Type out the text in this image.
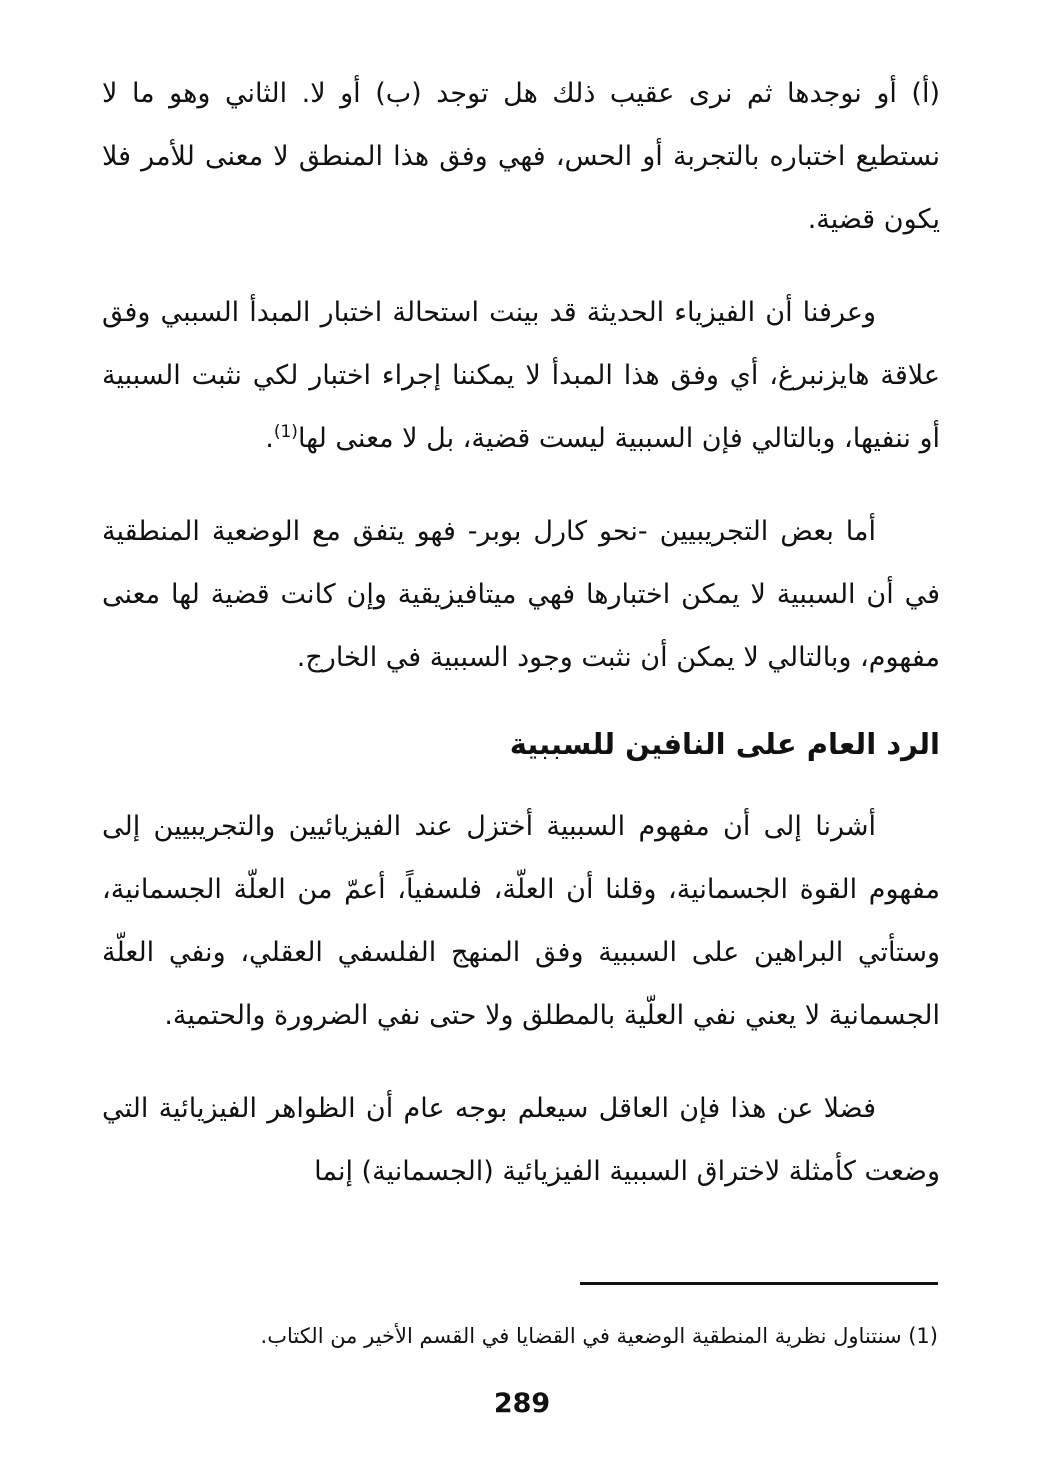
(أ) أو نوجدها ثم نرى عقيب ذلك هل توجد (ب) أو لا. الثاني وهو ما لا نستطيع اختباره بالتجربة أو الحس، فهي وفق هذا المنطق لا معنى للأمر فلا يكون قضية.

وعرفنا أن الفيزياء الحديثة قد بينت استحالة اختبار المبدأ السببي وفق علاقة هايزنبرغ، أي وفق هذا المبدأ لا يمكننا إجراء اختبار لكي نثبت السببية أو ننفيها، وبالتالي فإن السببية ليست قضية، بل لا معنى لها$^{(1)}$.

أما بعض التجريبيين -نحو كارل بوبر- فهو يتفق مع الوضعية المنطقية في أن السببية لا يمكن اختبارها فهي ميتافيزيقية وإن كانت قضية لها معنى مفهوم، وبالتالي لا يمكن أن نثبت وجود السببية في الخارج.

الرد العام على النافين للسببية

أشرنا إلى أن مفهوم السببية أختزل عند الفيزيائيين والتجريبيين إلى مفهوم القوة الجسمانية، وقلنا أن العلّة، فلسفياً، أعمّ من العلّة الجسمانية، وستأتي البراهين على السببية وفق المنهج الفلسفي العقلي، ونفي العلّة الجسمانية لا يعني نفي العلّية بالمطلق ولا حتى نفي الضرورة والحتمية.

فضلا عن هذا فإن العاقل سيعلم بوجه عام أن الظواهر الفيزيائية التي وضعت كأمثلة لاختراق السببية الفيزيائية (الجسمانية) إنما

(1) سنتناول نظرية المنطقية الوضعية في القضايا في القسم الأخير من الكتاب.
289
